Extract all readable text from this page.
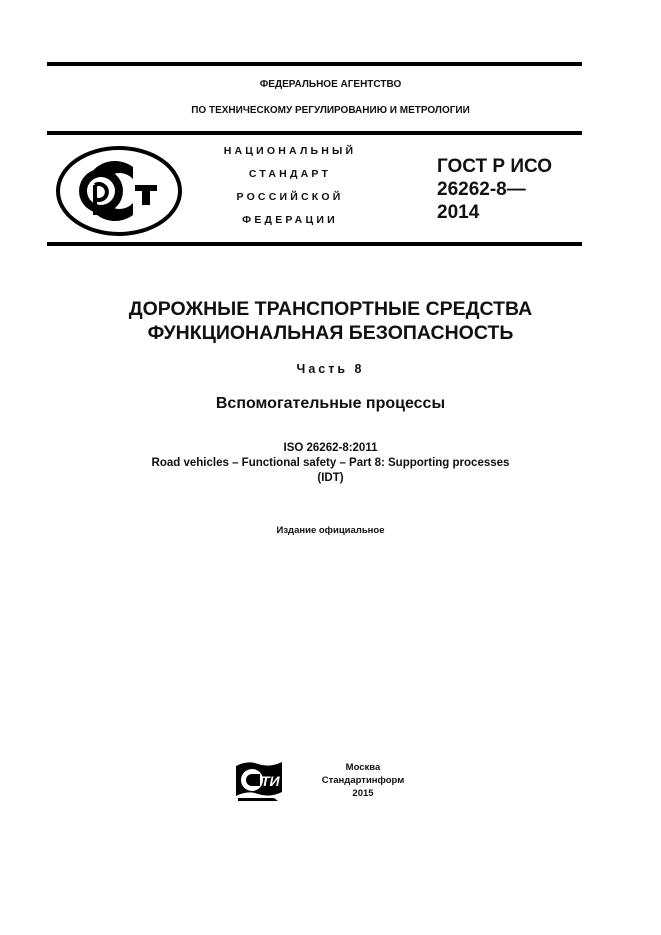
ФЕДЕРАЛЬНОЕ АГЕНТСТВО
ПО ТЕХНИЧЕСКОМУ РЕГУЛИРОВАНИЮ И МЕТРОЛОГИИ
НАЦИОНАЛЬНЫЙ
СТАНДАРТ
РОССИЙСКОЙ
ФЕДЕРАЦИИ
ГОСТ Р ИСО
26262-8—
2014
ДОРОЖНЫЕ ТРАНСПОРТНЫЕ СРЕДСТВА
ФУНКЦИОНАЛЬНАЯ БЕЗОПАСНОСТЬ
Часть 8
Вспомогательные процессы
ISO 26262-8:2011
Road vehicles – Functional safety – Part 8: Supporting processes
(IDT)
Издание официальное
ТИ
Москва
Стандартинформ
2015
